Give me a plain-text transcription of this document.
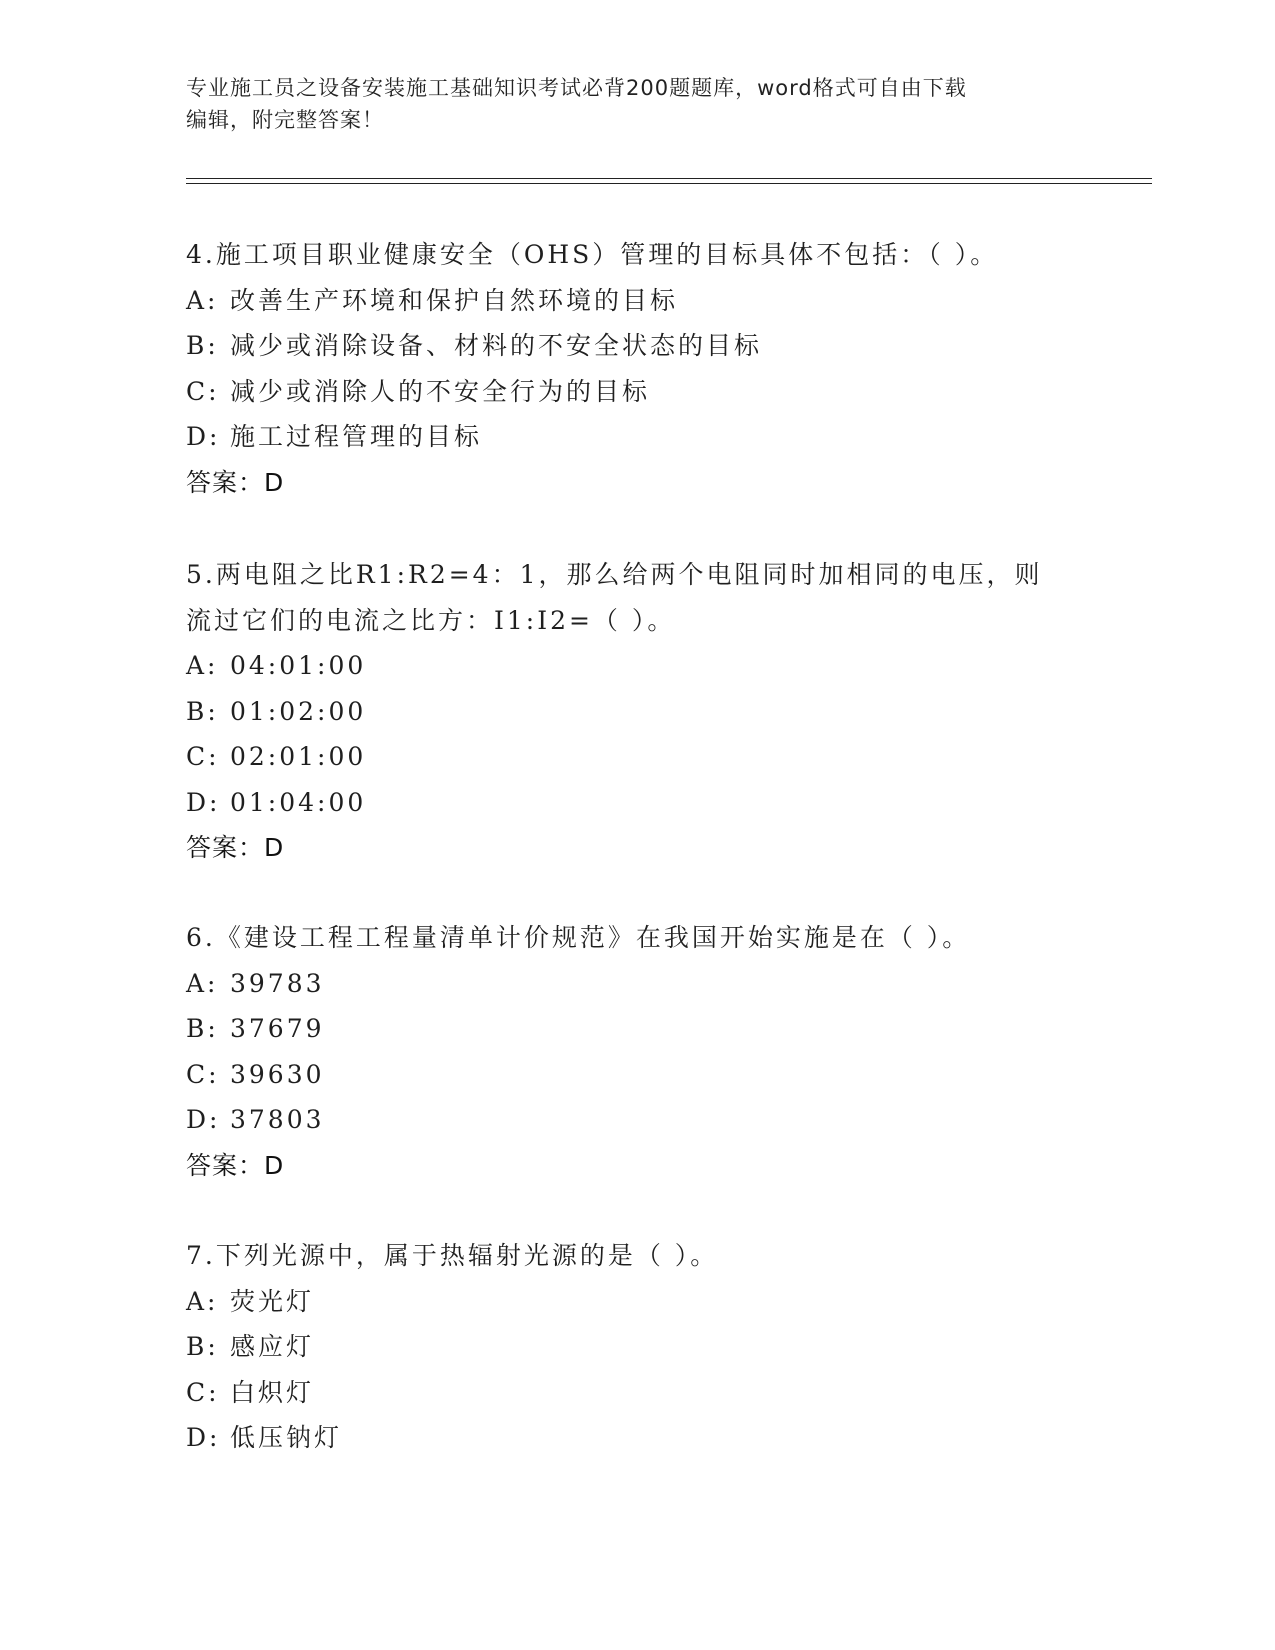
专业施工员之设备安装施工基础知识考试必背200题题库，word格式可自由下载
编辑，附完整答案！
4.施工项目职业健康安全（OHS）管理的目标具体不包括：（ ）。
A: 改善生产环境和保护自然环境的目标
B: 减少或消除设备、材料的不安全状态的目标
C: 减少或消除人的不安全行为的目标
D: 施工过程管理的目标
答案：D
5.两电阻之比R1:R2=4：1，那么给两个电阻同时加相同的电压，则流过它们的电流之比方：I1:I2=（ ）。
A: 04:01:00
B: 01:02:00
C: 02:01:00
D: 01:04:00
答案：D
6.《建设工程工程量清单计价规范》在我国开始实施是在（ ）。
A: 39783
B: 37679
C: 39630
D: 37803
答案：D
7.下列光源中，属于热辐射光源的是（ ）。
A: 荧光灯
B: 感应灯
C: 白炽灯
D: 低压钠灯
